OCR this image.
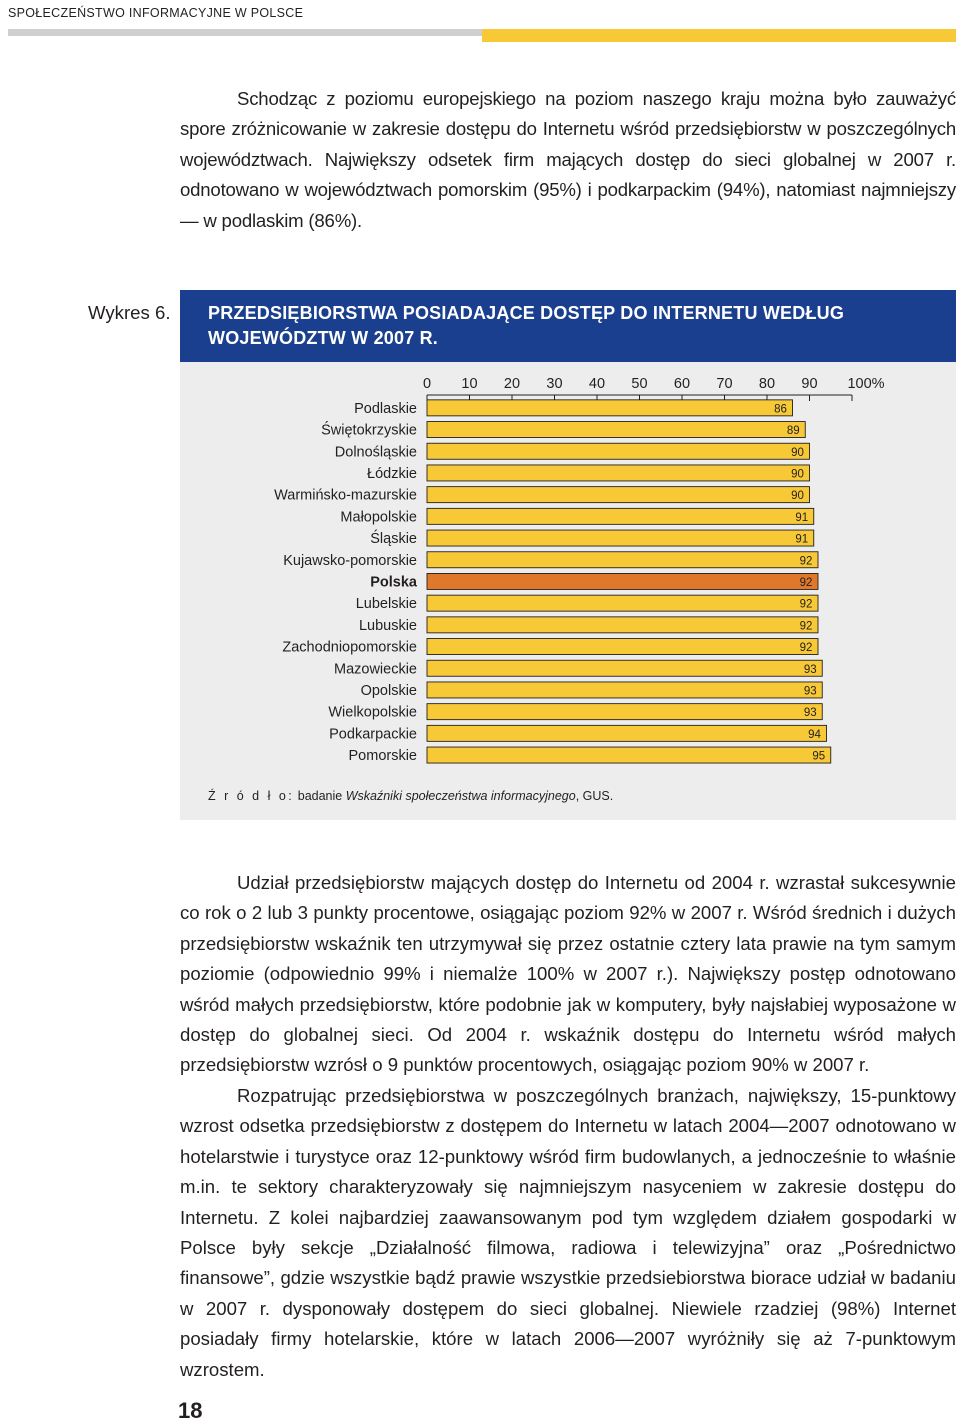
SPOŁECZEŃSTWO INFORMACYJNE W POLSCE

Schodząc z poziomu europejskiego na poziom naszego kraju można było zauważyć spore zróżnicowanie w zakresie dostępu do Internetu wśród przedsiębiorstw w poszczególnych województwach. Największy odsetek firm mających dostęp do sieci globalnej w 2007 r. odnotowano w województwach pomorskim (95%) i podkarpackim (94%), natomiast najmniejszy — w podlaskim (86%).

Wykres 6. PRZEDSIĘBIORSTWA POSIADAJĄCE DOSTĘP DO INTERNETU WEDŁUG WOJEWÓDZTW W 2007 R.
0 10 20 30 40 50 60 70 80 90 100%
Podlaskie	86
Świętokrzyskie	89
Dolnośląskie	90
Łódzkie	90
Warmińsko-mazurskie	90
Małopolskie	91
Śląskie	91
Kujawsko-pomorskie	92
Polska	92
Lubelskie	92
Lubuskie	92
Zachodniopomorskie	92
Mazowieckie	93
Opolskie	93
Wielkopolskie	93
Podkarpackie	94
Pomorskie	95
Ź r ó d ł o: badanie Wskaźniki społeczeństwa informacyjnego, GUS.

Udział przedsiębiorstw mających dostęp do Internetu od 2004 r. wzrastał sukcesywnie co rok o 2 lub 3 punkty procentowe, osiągając poziom 92% w 2007 r. Wśród średnich i dużych przedsiębiorstw wskaźnik ten utrzymywał się przez ostatnie cztery lata prawie na tym samym poziomie (odpowiednio 99% i niemalże 100% w 2007 r.). Największy postęp odnotowano wśród małych przedsiębiorstw, które podobnie jak w komputery, były najsłabiej wyposażone w dostęp do globalnej sieci. Od 2004 r. wskaźnik dostępu do Internetu wśród małych przedsiębiorstw wzrósł o 9 punktów procentowych, osiągając poziom 90% w 2007 r.

Rozpatrując przedsiębiorstwa w poszczególnych branżach, największy, 15-punktowy wzrost odsetka przedsiębiorstw z dostępem do Internetu w latach 2004—2007 odnotowano w hotelarstwie i turystyce oraz 12-punktowy wśród firm budowlanych, a jednocześnie to właśnie m.in. te sektory charakteryzowały się najmniejszym nasyceniem w zakresie dostępu do Internetu. Z kolei najbardziej zaawansowanym pod tym względem działem gospodarki w Polsce były sekcje „Działalność filmowa, radiowa i telewizyjna” oraz „Pośrednictwo finansowe”, gdzie wszystkie bądź prawie wszystkie przedsiebiorstwa biorace udział w badaniu w 2007 r. dysponowały dostępem do sieci globalnej. Niewiele rzadziej (98%) Internet posiadały firmy hotelarskie, które w latach 2006—2007 wyróżniły się aż 7-punktowym wzrostem.

18
